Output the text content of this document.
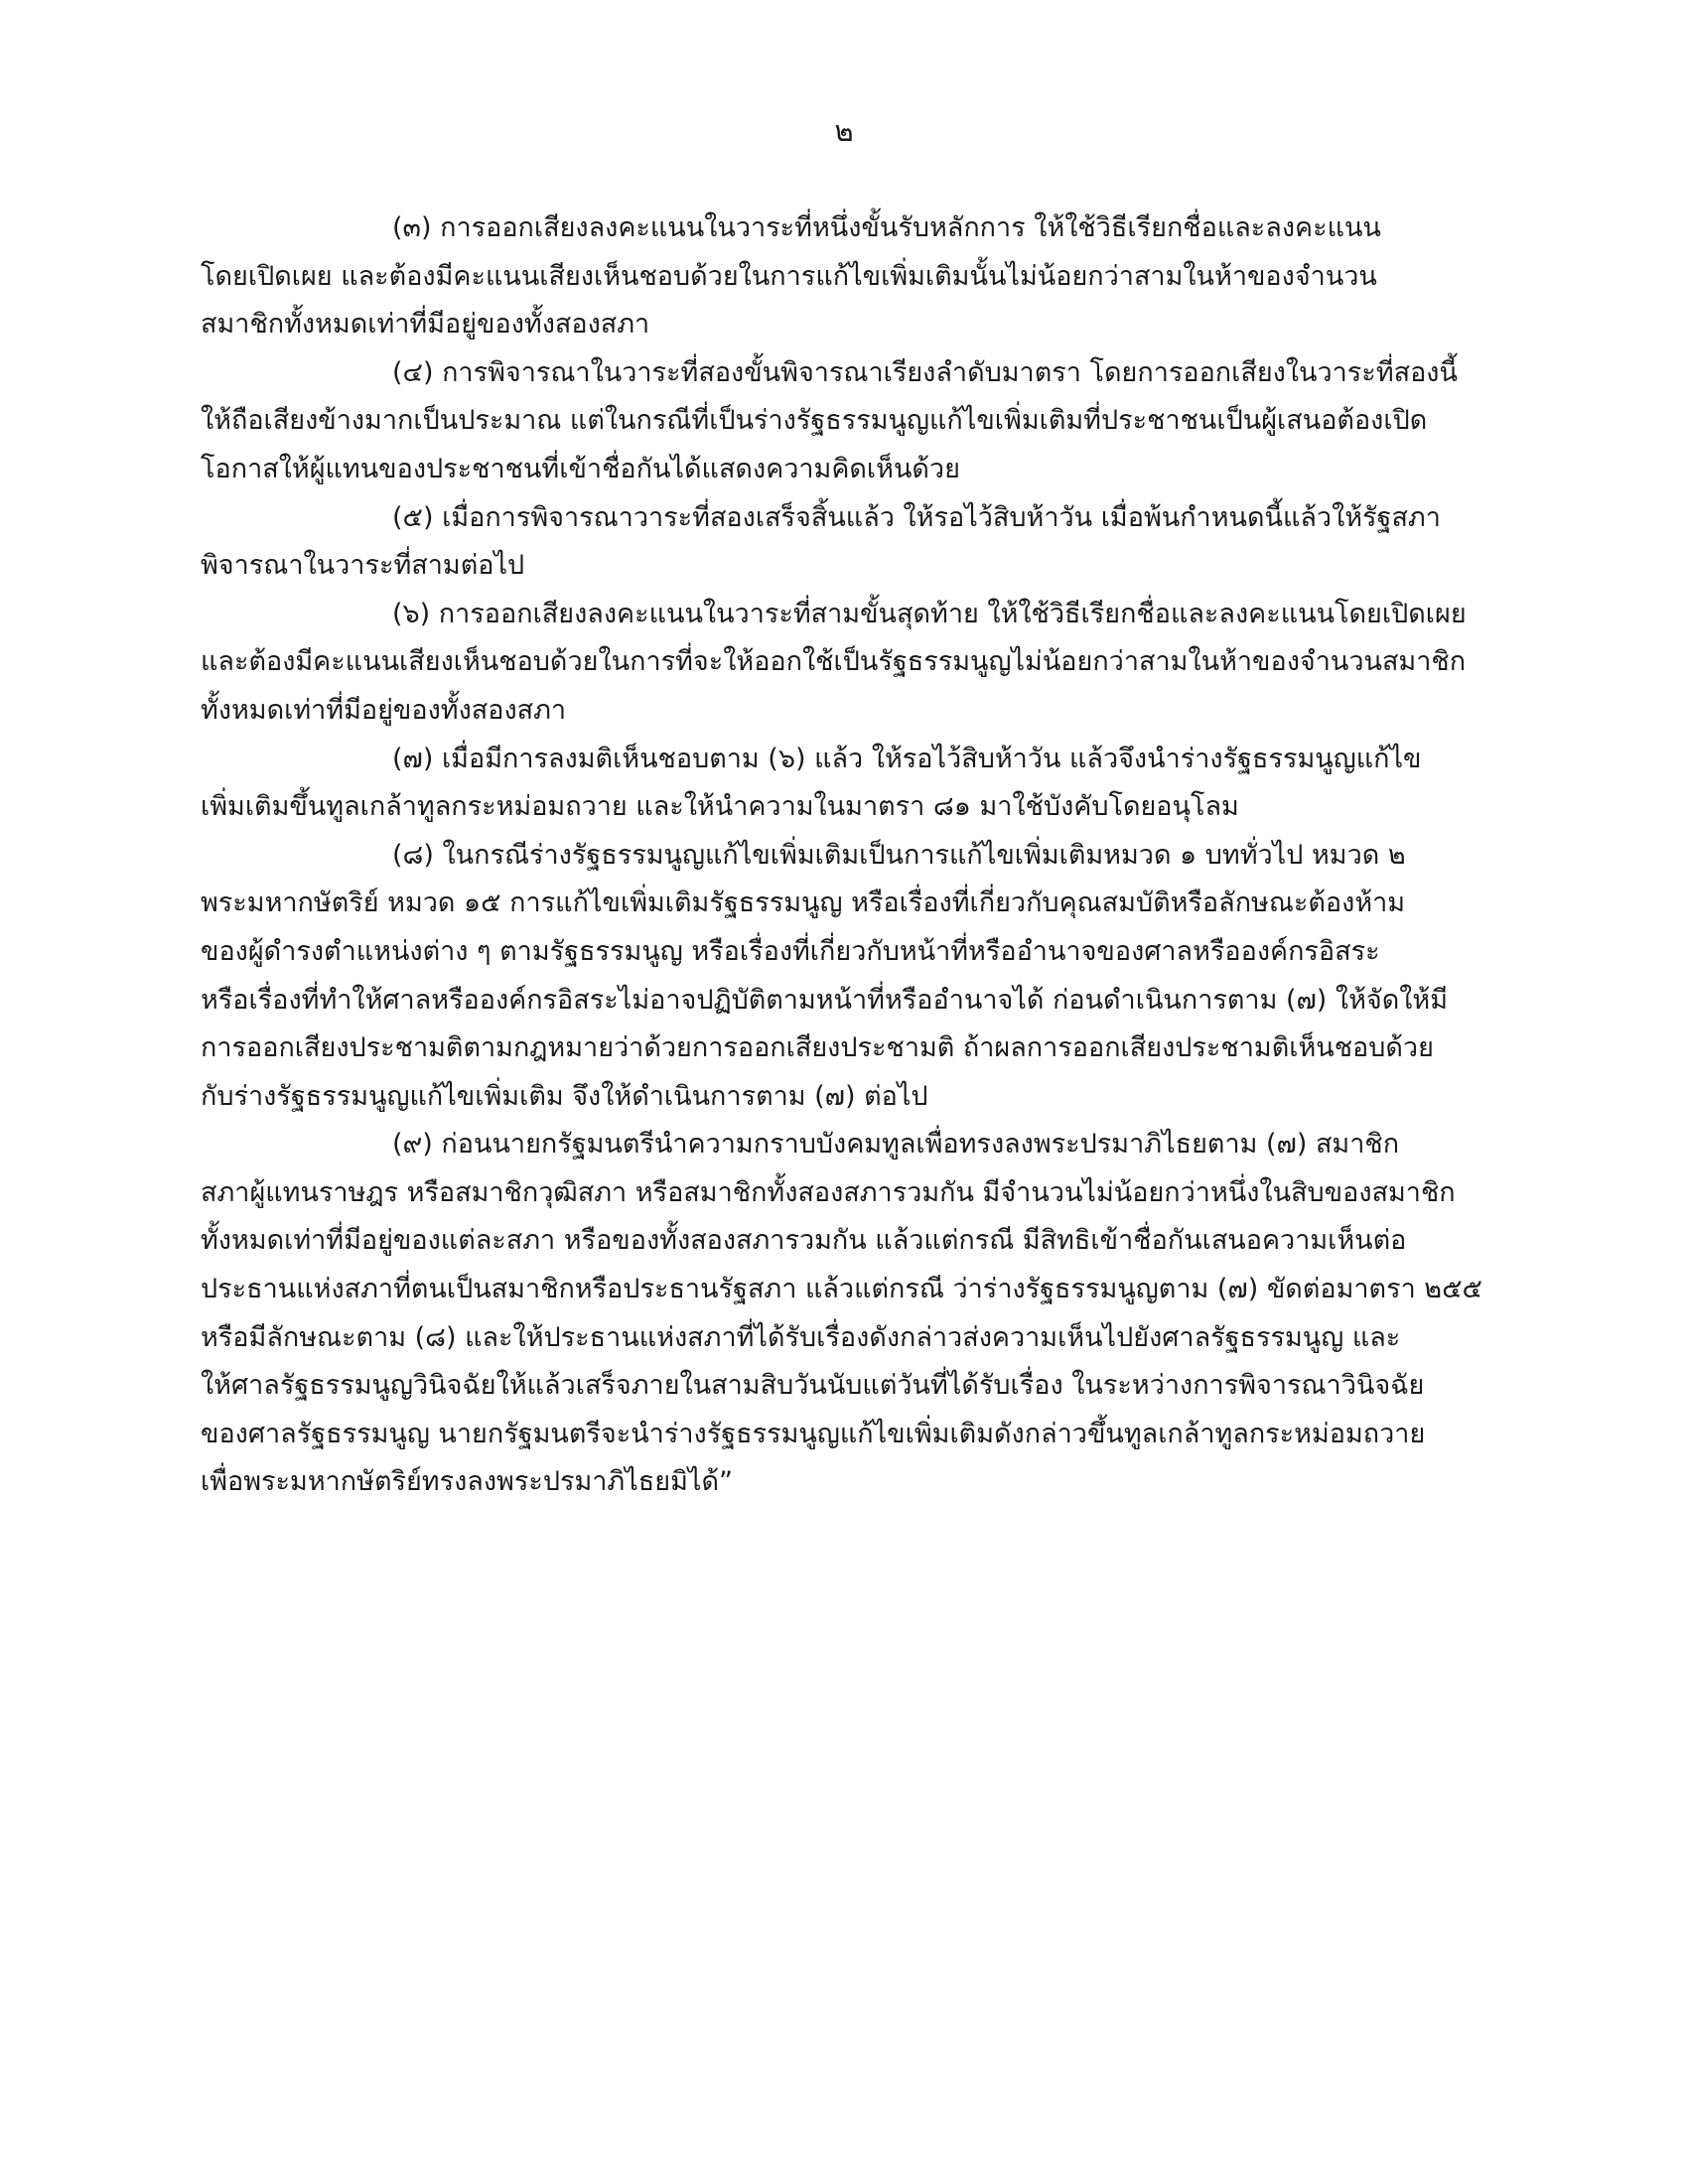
๒
(๓) การออกเสียงลงคะแนนในวาระที่หนึ่งขั้นรับหลักการ ให้ใช้วิธีเรียกชื่อและลงคะแนน
โดยเปิดเผย และต้องมีคะแนนเสียงเห็นชอบด้วยในการแก้ไขเพิ่มเติมนั้นไม่น้อยกว่าสามในห้าของจำนวน
สมาชิกทั้งหมดเท่าที่มีอยู่ของทั้งสองสภา
(๔) การพิจารณาในวาระที่สองขั้นพิจารณาเรียงลำดับมาตรา โดยการออกเสียงในวาระที่สองนี้
ให้ถือเสียงข้างมากเป็นประมาณ แต่ในกรณีที่เป็นร่างรัฐธรรมนูญแก้ไขเพิ่มเติมที่ประชาชนเป็นผู้เสนอต้องเปิด
โอกาสให้ผู้แทนของประชาชนที่เข้าชื่อกันได้แสดงความคิดเห็นด้วย
(๕) เมื่อการพิจารณาวาระที่สองเสร็จสิ้นแล้ว ให้รอไว้สิบห้าวัน เมื่อพ้นกำหนดนี้แล้วให้รัฐสภา
พิจารณาในวาระที่สามต่อไป
(๖) การออกเสียงลงคะแนนในวาระที่สามขั้นสุดท้าย ให้ใช้วิธีเรียกชื่อและลงคะแนนโดยเปิดเผย
และต้องมีคะแนนเสียงเห็นชอบด้วยในการที่จะให้ออกใช้เป็นรัฐธรรมนูญไม่น้อยกว่าสามในห้าของจำนวนสมาชิก
ทั้งหมดเท่าที่มีอยู่ของทั้งสองสภา
(๗) เมื่อมีการลงมติเห็นชอบตาม (๖) แล้ว ให้รอไว้สิบห้าวัน แล้วจึงนำร่างรัฐธรรมนูญแก้ไข
เพิ่มเติมขึ้นทูลเกล้าทูลกระหม่อมถวาย และให้นำความในมาตรา ๘๑ มาใช้บังคับโดยอนุโลม
(๘) ในกรณีร่างรัฐธรรมนูญแก้ไขเพิ่มเติมเป็นการแก้ไขเพิ่มเติมหมวด ๑ บททั่วไป หมวด ๒
พระมหากษัตริย์ หมวด ๑๕ การแก้ไขเพิ่มเติมรัฐธรรมนูญ หรือเรื่องที่เกี่ยวกับคุณสมบัติหรือลักษณะต้องห้าม
ของผู้ดำรงตำแหน่งต่าง ๆ ตามรัฐธรรมนูญ หรือเรื่องที่เกี่ยวกับหน้าที่หรืออำนาจของศาลหรือองค์กรอิสระ
หรือเรื่องที่ทำให้ศาลหรือองค์กรอิสระไม่อาจปฏิบัติตามหน้าที่หรืออำนาจได้ ก่อนดำเนินการตาม (๗) ให้จัดให้มี
การออกเสียงประชามติตามกฎหมายว่าด้วยการออกเสียงประชามติ ถ้าผลการออกเสียงประชามติเห็นชอบด้วย
กับร่างรัฐธรรมนูญแก้ไขเพิ่มเติม จึงให้ดำเนินการตาม (๗) ต่อไป
(๙) ก่อนนายกรัฐมนตรีนำความกราบบังคมทูลเพื่อทรงลงพระปรมาภิไธยตาม (๗) สมาชิก
สภาผู้แทนราษฎร หรือสมาชิกวุฒิสภา หรือสมาชิกทั้งสองสภารวมกัน มีจำนวนไม่น้อยกว่าหนึ่งในสิบของสมาชิก
ทั้งหมดเท่าที่มีอยู่ของแต่ละสภา หรือของทั้งสองสภารวมกัน แล้วแต่กรณี มีสิทธิเข้าชื่อกันเสนอความเห็นต่อ
ประธานแห่งสภาที่ตนเป็นสมาชิกหรือประธานรัฐสภา แล้วแต่กรณี ว่าร่างรัฐธรรมนูญตาม (๗) ขัดต่อมาตรา ๒๕๕
หรือมีลักษณะตาม (๘) และให้ประธานแห่งสภาที่ได้รับเรื่องดังกล่าวส่งความเห็นไปยังศาลรัฐธรรมนูญ และ
ให้ศาลรัฐธรรมนูญวินิจฉัยให้แล้วเสร็จภายในสามสิบวันนับแต่วันที่ได้รับเรื่อง ในระหว่างการพิจารณาวินิจฉัย
ของศาลรัฐธรรมนูญ นายกรัฐมนตรีจะนำร่างรัฐธรรมนูญแก้ไขเพิ่มเติมดังกล่าวขึ้นทูลเกล้าทูลกระหม่อมถวาย
เพื่อพระมหากษัตริย์ทรงลงพระปรมาภิไธยมิได้”
